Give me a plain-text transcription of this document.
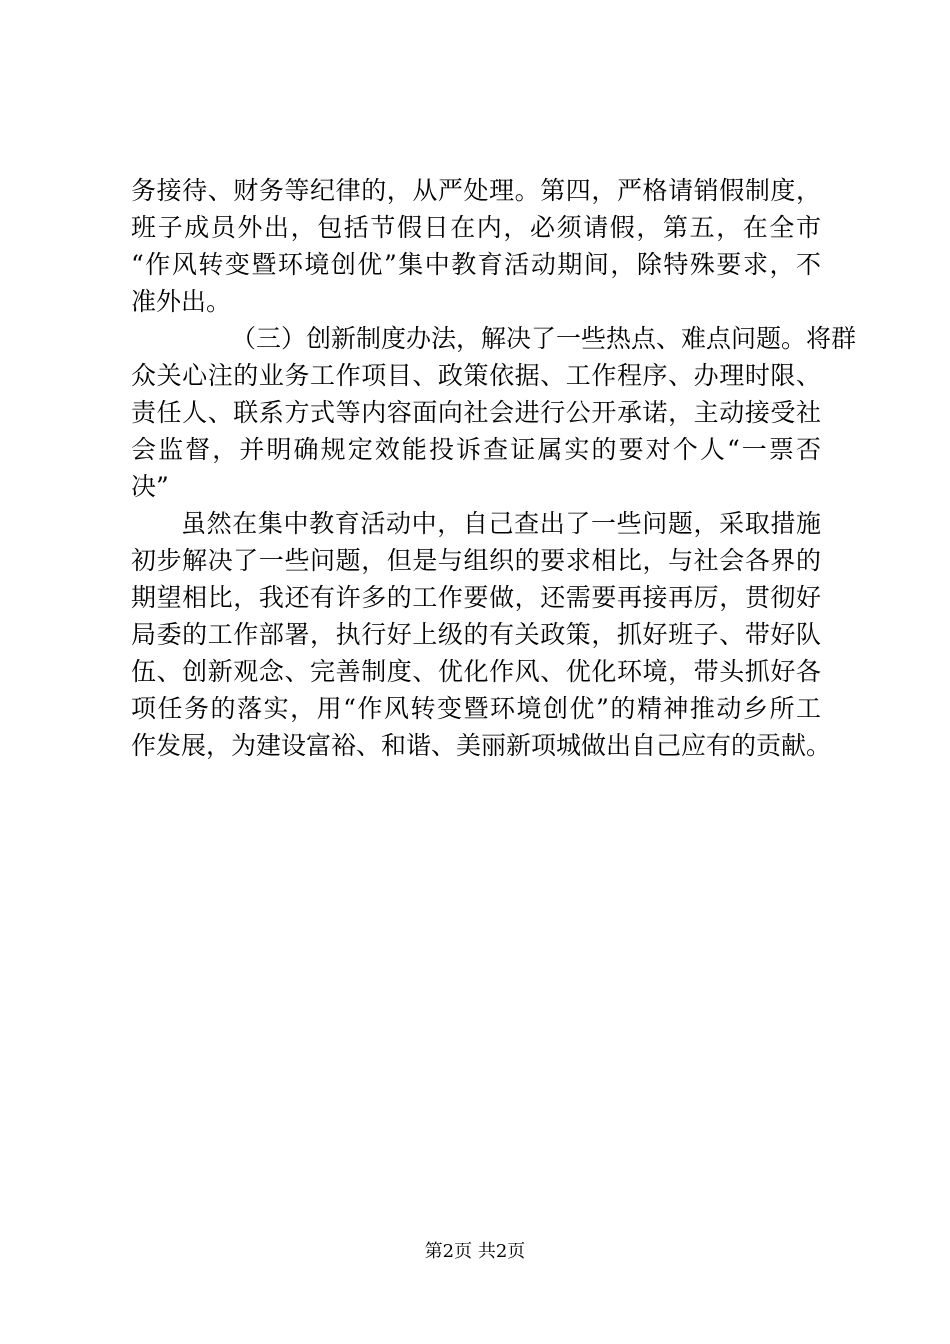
务接待、财务等纪律的，从严处理。第四，严格请销假制度，
班子成员外出，包括节假日在内，必须请假，第五，在全市
“作风转变暨环境创优”集中教育活动期间，除特殊要求，不
准外出。
（三）创新制度办法，解决了一些热点、难点问题。将群
众关心注的业务工作项目、政策依据、工作程序、办理时限、
责任人、联系方式等内容面向社会进行公开承诺，主动接受社
会监督，并明确规定效能投诉查证属实的要对个人“一票否
决”
虽然在集中教育活动中，自己查出了一些问题，采取措施
初步解决了一些问题，但是与组织的要求相比，与社会各界的
期望相比，我还有许多的工作要做，还需要再接再厉，贯彻好
局委的工作部署，执行好上级的有关政策，抓好班子、带好队
伍、创新观念、完善制度、优化作风、优化环境，带头抓好各
项任务的落实，用“作风转变暨环境创优”的精神推动乡所工
作发展，为建设富裕、和谐、美丽新项城做出自己应有的贡献。
第2页 共2页
